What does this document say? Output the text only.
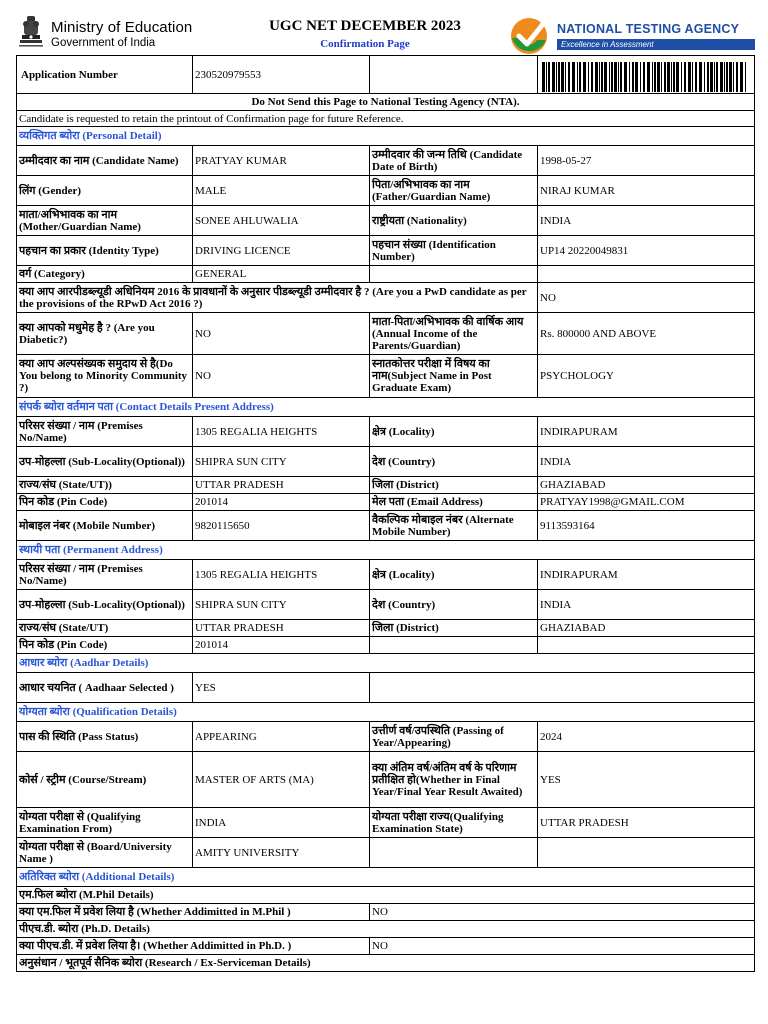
Ministry of Education
Government of India
UGC NET DECEMBER 2023
Confirmation Page
NATIONAL TESTING AGENCY
Excellence in Assessment
Application Number	230520979553		

Do Not Send this Page to National Testing Agency (NTA).			
Candidate is requested to retain the printout of Confirmation page for future Reference.			
व्यक्तिगत ब्योरा (Personal Detail)			
उम्मीदवार का नाम (Candidate Name)	PRATYAY KUMAR	उम्मीदवार की जन्म तिथि (Candidate Date of Birth)	1998-05-27
लिंग (Gender)	MALE	पिता/अभिभावक का नाम (Father/Guardian Name)	NIRAJ KUMAR
माता/अभिभावक का नाम (Mother/Guardian Name)	SONEE AHLUWALIA	राष्ट्रीयता (Nationality)	INDIA
पहचान का प्रकार (Identity Type)	DRIVING LICENCE	पहचान संख्या (Identification Number)	UP14 20220049831
वर्ग (Category)	GENERAL		
क्या आप आरपीडब्ल्यूडी अधिनियम 2016 के प्रावधानों के अनुसार पीडब्ल्यूडी उम्मीदवार है ? (Are you a PwD candidate as per the provisions of the RPwD Act 2016 ?)			NO
क्या आपको मधुमेह है ? (Are you Diabetic?)	NO	माता-पिता/अभिभावक की वार्षिक आय (Annual Income of the Parents/Guardian)	Rs. 800000 AND ABOVE
क्या आप अल्पसंख्यक समुदाय से है(Do You belong to Minority Community ?)	NO	स्नातकोत्तर परीक्षा में विषय का नाम(Subject Name in Post Graduate Exam)	PSYCHOLOGY
संपर्क ब्योरा वर्तमान पता (Contact Details Present Address)			
परिसर संख्या / नाम (Premises No/Name)	1305 REGALIA HEIGHTS	क्षेत्र (Locality)	INDIRAPURAM
उप-मोहल्ला (Sub-Locality(Optional))	SHIPRA SUN CITY	देश (Country)	INDIA
राज्य/संघ (State/UT))	UTTAR PRADESH	जिला (District)	GHAZIABAD
पिन कोड (Pin Code)	201014	मेल पता (Email Address)	PRATYAY1998@GMAIL.COM
मोबाइल नंबर (Mobile Number)	9820115650	वैकल्पिक मोबाइल नंबर (Alternate Mobile Number)	9113593164
स्थायी पता (Permanent Address)			
परिसर संख्या / नाम (Premises No/Name)	1305 REGALIA HEIGHTS	क्षेत्र (Locality)	INDIRAPURAM
उप-मोहल्ला (Sub-Locality(Optional))	SHIPRA SUN CITY	देश (Country)	INDIA
राज्य/संघ (State/UT)	UTTAR PRADESH	जिला (District)	GHAZIABAD
पिन कोड (Pin Code)	201014		
आधार ब्योरा (Aadhar Details)			
आधार चयनित ( Aadhaar Selected )	YES		
योग्यता ब्योरा (Qualification Details)			
पास की स्थिति (Pass Status)	APPEARING	उत्तीर्ण वर्ष/उपस्थिति (Passing of Year/Appearing)	2024
कोर्स / स्ट्रीम (Course/Stream)	MASTER OF ARTS (MA)	क्या अंतिम वर्ष/अंतिम वर्ष के परिणाम प्रतीक्षित हो(Whether in Final Year/Final Year Result Awaited)	YES
योग्यता परीक्षा से (Qualifying Examination From)	INDIA	योग्यता परीक्षा राज्य(Qualifying Examination State)	UTTAR PRADESH
योग्यता परीक्षा से (Board/University Name )	AMITY UNIVERSITY		
अतिरिक्त ब्योरा (Additional Details)			
एम.फिल ब्योरा (M.Phil Details)			
क्या एम.फिल में प्रवेश लिया है (Whether Addimitted in M.Phil )		NO	
पीएच.डी. ब्योरा (Ph.D. Details)			
क्या पीएच.डी. में प्रवेश लिया है। (Whether Addimitted in Ph.D. )		NO	
अनुसंधान / भूतपूर्व सैनिक ब्योरा (Research / Ex-Serviceman Details)			
